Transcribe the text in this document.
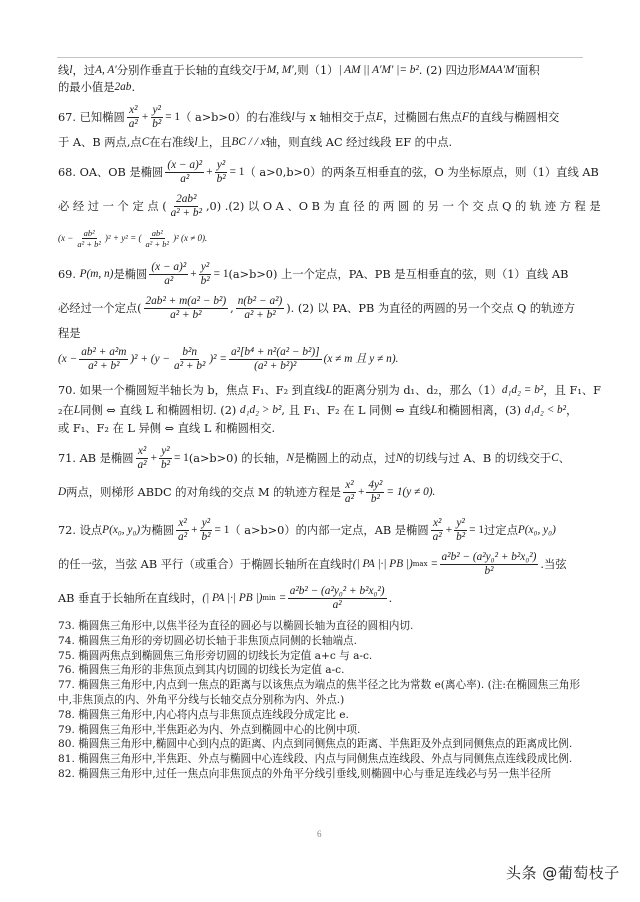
线 l ，过 A, A′ 分别作垂直于长轴的直线交 l 于 M, M′ ,则（1） | AM || A′M′ |= b² . (2) 四边形 MAA′M′ 面积
的最小值是 2ab .
67.
已知椭圆 $\frac{\text{x²}}{\text{a²}} + \frac{\text{y²}}{\text{b²}} = 1$ （ a>b>0）的右准线 l 与 x 轴相交于点 E ，过椭圆右焦点 F 的直线与椭圆相交
于 A、B 两点,点 C 在右准线 l 上，且 BC / / x 轴，则直线 AC 经过线段 EF 的中点.
68.
OA、OB 是椭圆 $\frac{\text{(x − a)²}}{\text{a²}} + \frac{\text{y²}}{\text{b²}} = 1$ （ a>0,b>0）的两条互相垂直的弦，O 为坐标原点，则（1）直线 AB
必 经 过 一 个 定 点 ( $\frac{\text{2ab²}}{\text{a² + b²}} ,0$) .(2) 以 O A 、O B 为 直 径 的 两 圆 的 另 一 个 交 点 Q 的 轨 迹 方 程 是
$(x - \frac{\text{ab²}}{\text{a² + b²}} )^2 + y^2$ = ( $\frac{\text{ab²}}{\text{a² + b²}} )^2$ (x ≠ 0).
69.
P(m, n) 是椭圆 $\frac{\text{(x − a)²}}{\text{a²}} + \frac{\text{y²}}{\text{b²}} = 1$ (a>b>0) 上一个定点，PA、PB 是互相垂直的弦，则（1）直线 AB
必经过一个定点( $\frac{\text{2ab² + m(a² − b²)}}{\text{a² + b²}}$ , $\frac{\text{n(b² − a²)}}{\text{a² + b²}}$ ). (2) 以 PA、PB 为直径的两圆的另一个交点 Q 的轨迹方
程是
$(x - \frac{\text{ab² + a²m}}{\text{a² + b²}} )^2 + (y - \frac{\text{b²n}}{\text{a² + b²}} )^2 = \frac{\text{a²[b⁴ + n²(a² − b²)]}}{\text{(a² + b²)²}} (x \ne m$ 且 y ≠ n).
70.
如果一个椭圆短半轴长为 b，焦点 F₁、F₂ 到直线 L 的距离分别为 d₁、d₂，那么（1） d₁d₂ = b² ，且 F₁、F
₂在 L 同侧 ⇔ 直线 L 和椭圆相切. (2)
d₁d₂ > b² , 且 F₁、F₂ 在 L 同侧 ⇔ 直线 L 和椭圆相离，(3)
d₁d₂ < b² ，
或 F₁、F₂ 在 L 异侧 ⇔ 直线 L 和椭圆相交.
71.
AB 是椭圆 $\frac{\text{x²}}{\text{a²}} + \frac{\text{y²}}{\text{b²}} = 1$ (a>b>0) 的长轴， N 是椭圆上的动点，过 N 的切线与过 A、B 的切线交于 C 、
D 两点，则梯形 ABDC 的对角线的交点 M 的轨迹方程是 $\frac{\text{x²}}{\text{a²}} + \frac{\text{4y²}}{\text{b²}} = 1(y \ne 0)$.
72.
设点 P(x₀, y₀) 为椭圆 $\frac{\text{x²}}{\text{a²}} + \frac{\text{y²}}{\text{b²}} = 1$ （ a>b>0）的内部一定点，AB 是椭圆 $\frac{\text{x²}}{\text{a²}} + \frac{\text{y²}}{\text{b²}} = 1$ 过定点 P(x₀, y₀)
的任一弦，当弦 AB 平行（或重合）于椭圆长轴所在直线时 (| PA |·| PB |) max
= $\frac{\text{a²b² − (a²y₀² + b²x₀²)}}{\text{b²}}$ .当弦
AB 垂直于长轴所在直线时， (| PA |·| PB |) min
= $\frac{\text{a²b² − (a²y₀² + b²x₀²)}}{\text{a²}}$ .
73. 椭圆焦三角形中,以焦半径为直径的圆必与以椭圆长轴为直径的圆相内切.
74. 椭圆焦三角形的旁切圆必切长轴于非焦顶点同侧的长轴端点.
75. 椭圆两焦点到椭圆焦三角形旁切圆的切线长为定值 a+c 与 a-c.
76. 椭圆焦三角形的非焦顶点到其内切圆的切线长为定值 a-c.
77. 椭圆焦三角形中,内点到一焦点的距离与以该焦点为端点的焦半径之比为常数 e(离心率). (注:在椭圆焦三角形中,非焦顶点的内、外角平分线与长轴交点分别称为内、外点.)
78. 椭圆焦三角形中,内心将内点与非焦顶点连线段分成定比 e.
79. 椭圆焦三角形中,半焦距必为内、外点到椭圆中心的比例中项.
80. 椭圆焦三角形中,椭圆中心到内点的距离、内点到同侧焦点的距离、半焦距及外点到同侧焦点的距离成比例.
81. 椭圆焦三角形中,半焦距、外点与椭圆中心连线段、内点与同侧焦点连线段、外点与同侧焦点连线段成比例.
82. 椭圆焦三角形中,过任一焦点向非焦顶点的外角平分线引垂线,则椭圆中心与垂足连线必与另一焦半径所
6
头条 @葡萄枝子
